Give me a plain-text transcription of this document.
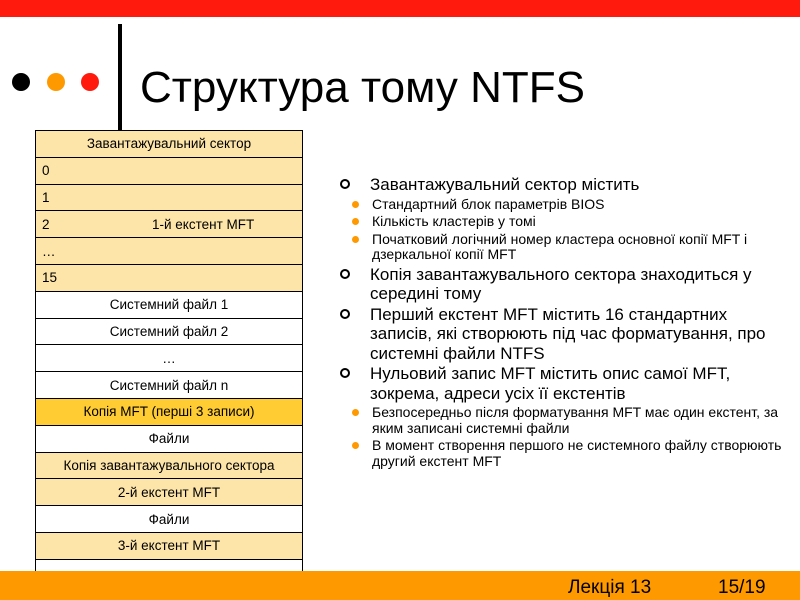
Структура тому NTFS
Завантажувальний сектор
0
1

2	1-й екстент MFT

…
15
Системний файл 1
Системний файл 2
…
Системний файл n
Копія MFT (перші 3 записи)
Файли
Копія завантажувального сектора
2-й екстент MFT
Файли
3-й екстент MFT

Завантажувальний сектор містить
Стандартний блок параметрів BIOS
Кількість кластерів у томі
Початковий логічний номер кластера основної копії MFT і дзеркальної копії MFT
Копія завантажувального сектора знаходиться у середині тому
Перший екстент MFT містить 16 стандартних записів, які створюють під час форматування, про системні файли NTFS
Нульовий запис MFT містить опис самої MFT, зокрема, адреси усіх її екстентів
Безпосередньо після форматування MFT має один екстент, за яким записані системні файли
В момент створення першого не системного файлу створюють другий екстент MFT
Лекція 13	15/19
